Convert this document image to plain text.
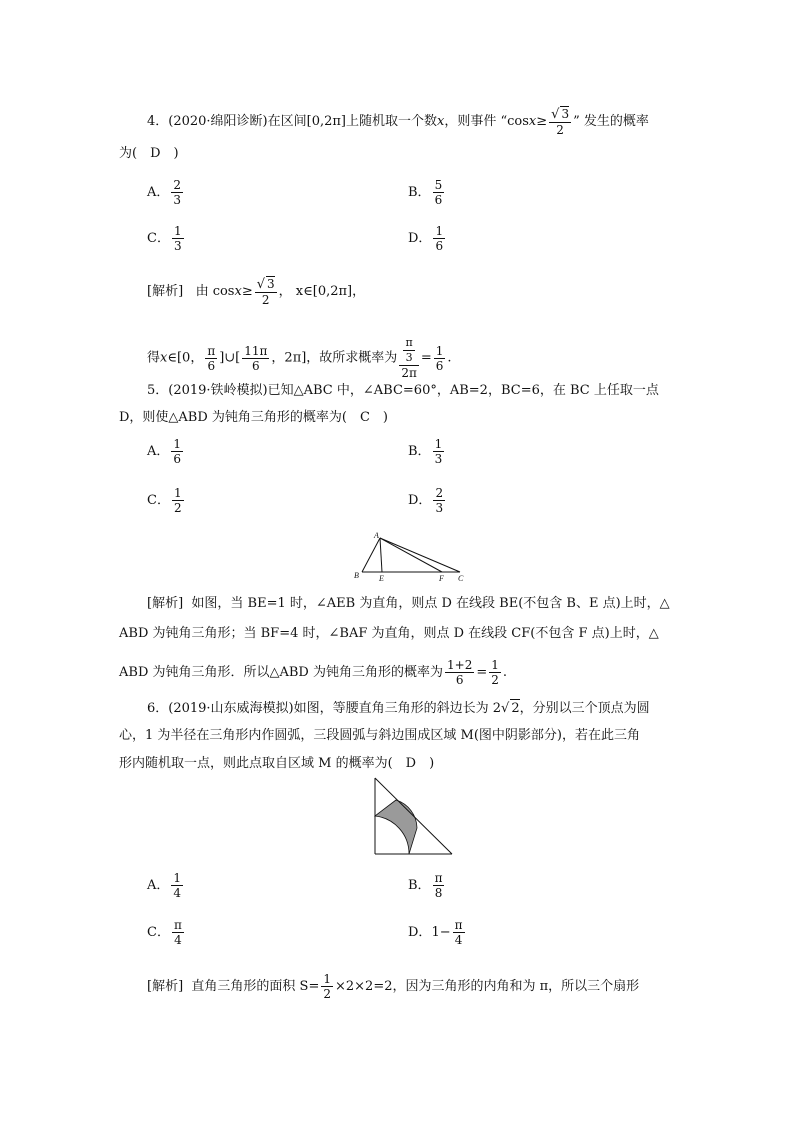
4．(2020·绵阳诊断)在区间[0,2π]上随机取一个数x，则事件 “$\cos x\ge \frac{√ 3}{2}$ ” 发生的概率
为(　D　)
A． $\frac{2}{3}$	B． $\frac{5}{6}$
C． $\frac{1}{3}$	D． $\frac{1}{6}$
[解析] 由 $\cos x\ge \frac{√ 3}{2}$ ， x∈[0,2π]，
得x∈[0， $\frac{\pi}{6}$ ]∪[ $\frac{11\pi}{6}$ ，2π]，故所求概率为 $\frac{\frac{\pi}{3}}{2\pi} = \frac{1}{6}$ .
5．(2019·铁岭模拟)已知△ABC 中，∠ABC=60°，AB=2，BC=6，在 BC 上任取一点
D，则使△ABD 为钝角三角形的概率为(　C　)
A． $\frac{1}{6}$	B． $\frac{1}{3}$
C． $\frac{1}{2}$	D． $\frac{2}{3}$
A
B	E	F C
[解析] 如图，当 BE=1 时，∠AEB 为直角，则点 D 在线段 BE(不包含 B、E 点)上时，△
ABD 为钝角三角形；当 BF=4 时，∠BAF 为直角，则点 D 在线段 CF(不包含 F 点)上时，△
ABD 为钝角三角形．所以△ABD 为钝角三角形的概率为 $\frac{1+2}{6} = \frac{1}{2}$ .
6．(2019·山东威海模拟)如图，等腰直角三角形的斜边长为 2√ 2，分别以三个顶点为圆
心，1 为半径在三角形内作圆弧，三段圆弧与斜边围成区域 M(图中阴影部分)，若在此三角
形内随机取一点，则此点取自区域 M 的概率为(　D　)
A． $\frac{1}{4}$	B． $\frac{\pi}{8}$
C． $\frac{\pi}{4}$	D．$1- \frac{\pi}{4}$
[解析] 直角三角形的面积 $S= \frac{1}{2} \times 2\times 2=2$，因为三角形的内角和为 π，所以三个扇形
